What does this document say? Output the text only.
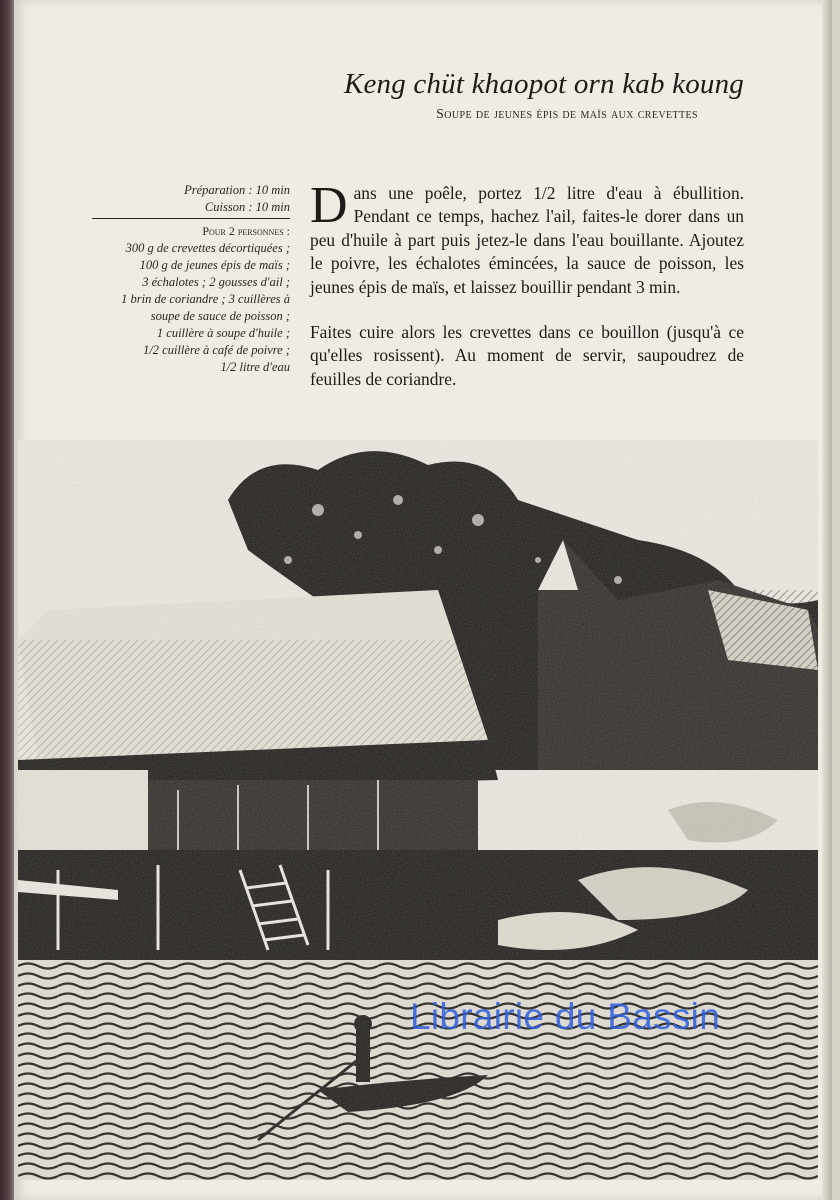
Keng chüt khaopot orn kab koung
Soupe de jeunes épis de maïs aux crevettes
Préparation : 10 min
Cuisson : 10 min
Pour 2 personnes :
300 g de crevettes décortiquées ;
100 g de jeunes épis de maïs ;
3 échalotes ; 2 gousses d'ail ;
1 brin de coriandre ; 3 cuillères à
soupe de sauce de poisson ;
1 cuillère à soupe d'huile ;
1/2 cuillère à café de poivre ;
1/2 litre d'eau

Dans une poêle, portez 1/2 litre d'eau à ébullition. Pendant ce temps, hachez l'ail, faites-le dorer dans un peu d'huile à part puis jetez-le dans l'eau bouillante. Ajoutez le poivre, les échalotes émincées, la sauce de poisson, les jeunes épis de maïs, et laissez bouillir pendant 3 min.

Faites cuire alors les crevettes dans ce bouillon (jusqu'à ce qu'elles rosissent). Au moment de servir, saupoudrez de feuilles de coriandre.

Librairie du Bassin
